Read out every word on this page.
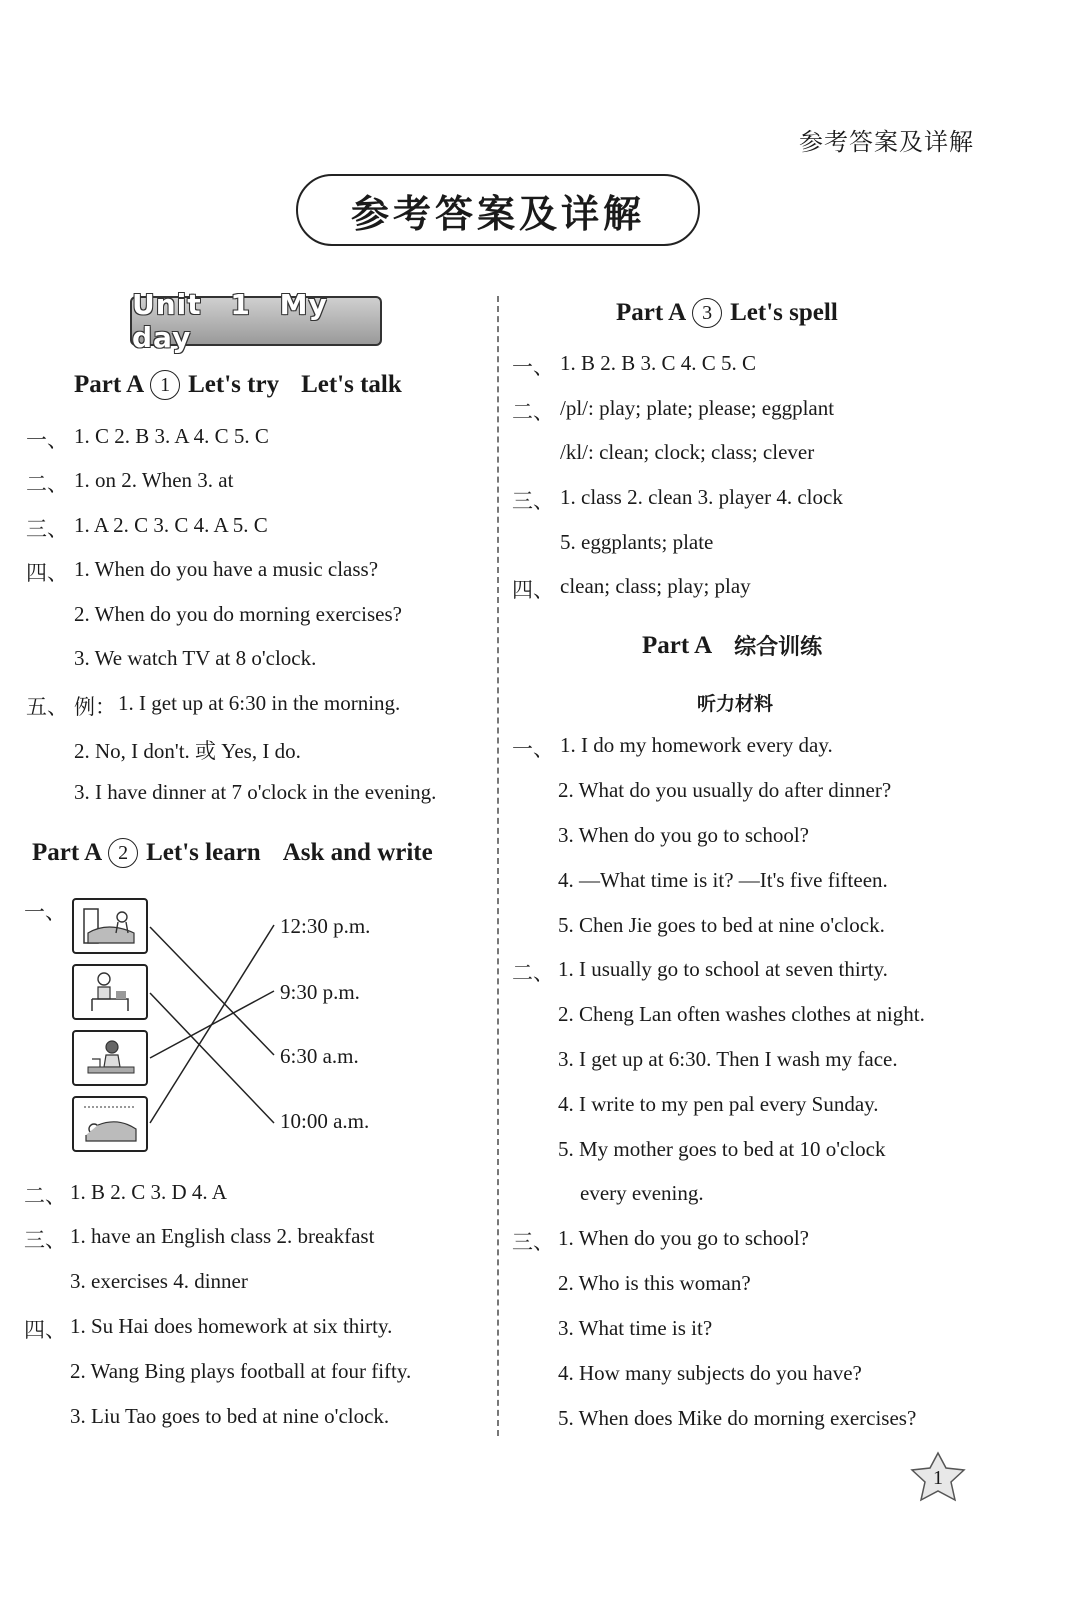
参考答案及详解
参考答案及详解
Unit 1 My day
Part A 1 Let's try Let's talk
一、 1. C 2. B 3. A 4. C 5. C
二、 1. on 2. When 3. at
三、 1. A 2. C 3. C 4. A 5. C
四、 1. When do you have a music class?
2. When do you do morning exercises?
3. We watch TV at 8 o'clock.
五、 例： 1. I get up at 6:30 in the morning.
2. No, I don't. 或 Yes, I do.
3. I have dinner at 7 o'clock in the evening.
Part A 2 Let's learn Ask and write
一、
12:30 p.m.
9:30 p.m.
6:30 a.m.
10:00 a.m.
二、 1. B 2. C 3. D 4. A
三、 1. have an English class 2. breakfast
3. exercises 4. dinner
四、 1. Su Hai does homework at six thirty.
2. Wang Bing plays football at four fifty.
3. Liu Tao goes to bed at nine o'clock.
Part A 3 Let's spell
一、 1. B 2. B 3. C 4. C 5. C
二、 /pl/: play; plate; please; eggplant
/kl/: clean; clock; class; clever
三、 1. class 2. clean 3. player 4. clock
5. eggplants; plate
四、 clean; class; play; play
Part A 综合训练
听力材料
一、 1. I do my homework every day.
2. What do you usually do after dinner?
3. When do you go to school?
4. —What time is it? —It's five fifteen.
5. Chen Jie goes to bed at nine o'clock.
二、 1. I usually go to school at seven thirty.
2. Cheng Lan often washes clothes at night.
3. I get up at 6:30. Then I wash my face.
4. I write to my pen pal every Sunday.
5. My mother goes to bed at 10 o'clock
every evening.
三、 1. When do you go to school?
2. Who is this woman?
3. What time is it?
4. How many subjects do you have?
5. When does Mike do morning exercises?
1
